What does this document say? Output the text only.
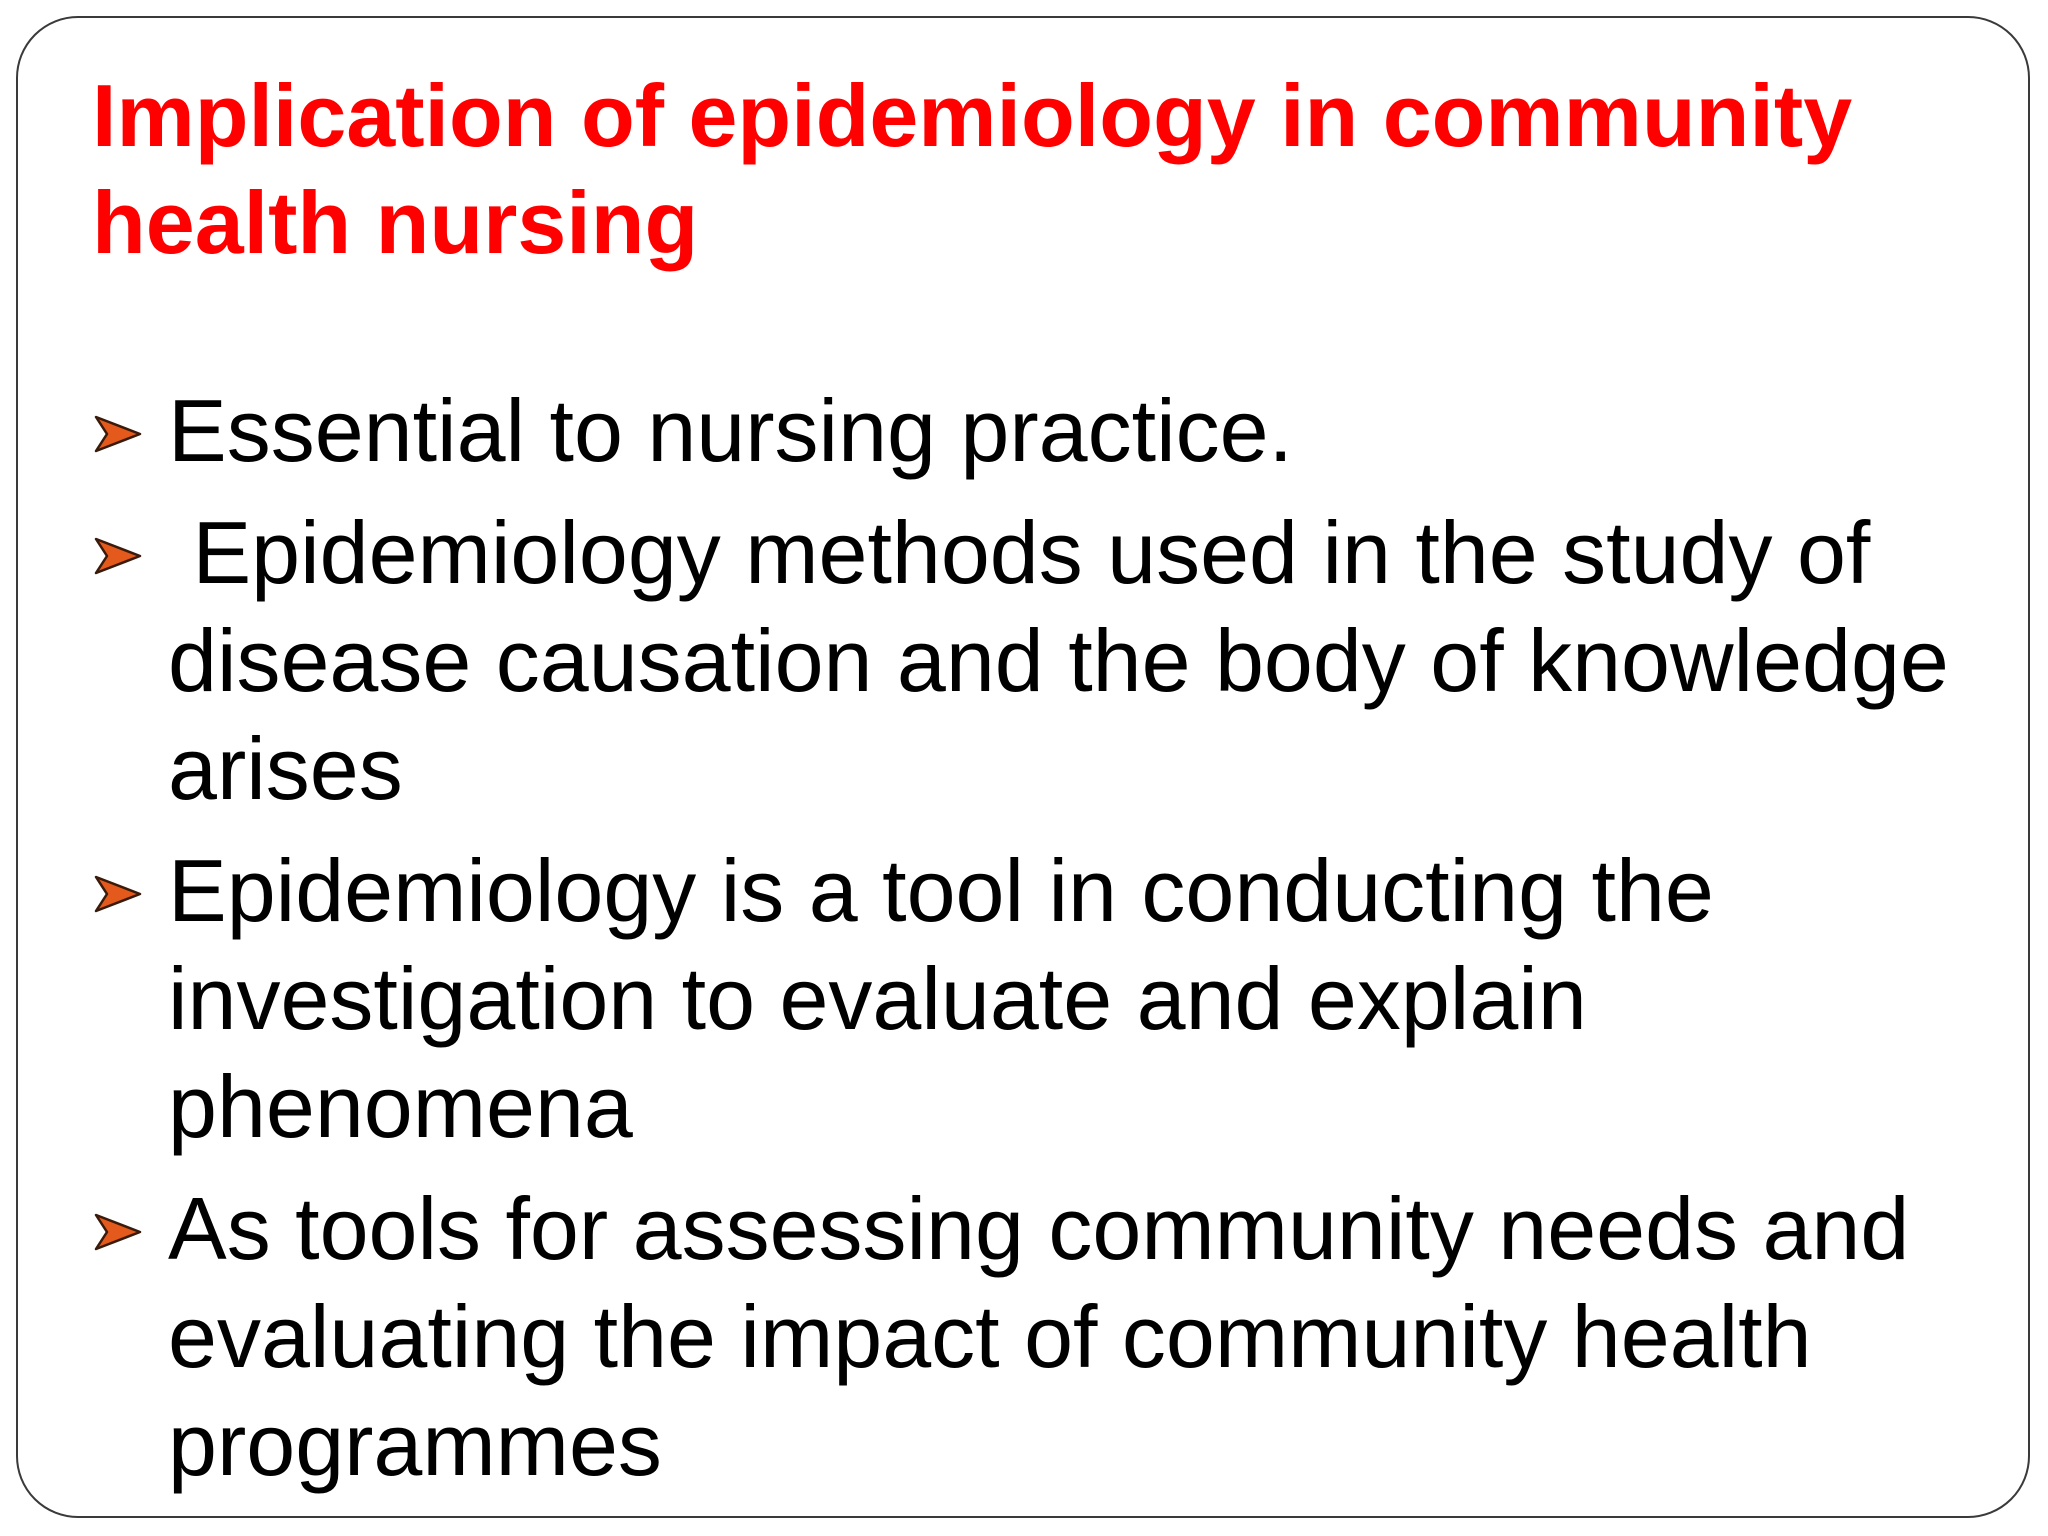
Implication of epidemiology in community health nursing
Essential to nursing practice.
Epidemiology methods used in the study of disease causation and the body of knowledge arises
Epidemiology is a tool in conducting the investigation to evaluate and explain phenomena
As tools for assessing community needs and evaluating the impact of community health programmes
